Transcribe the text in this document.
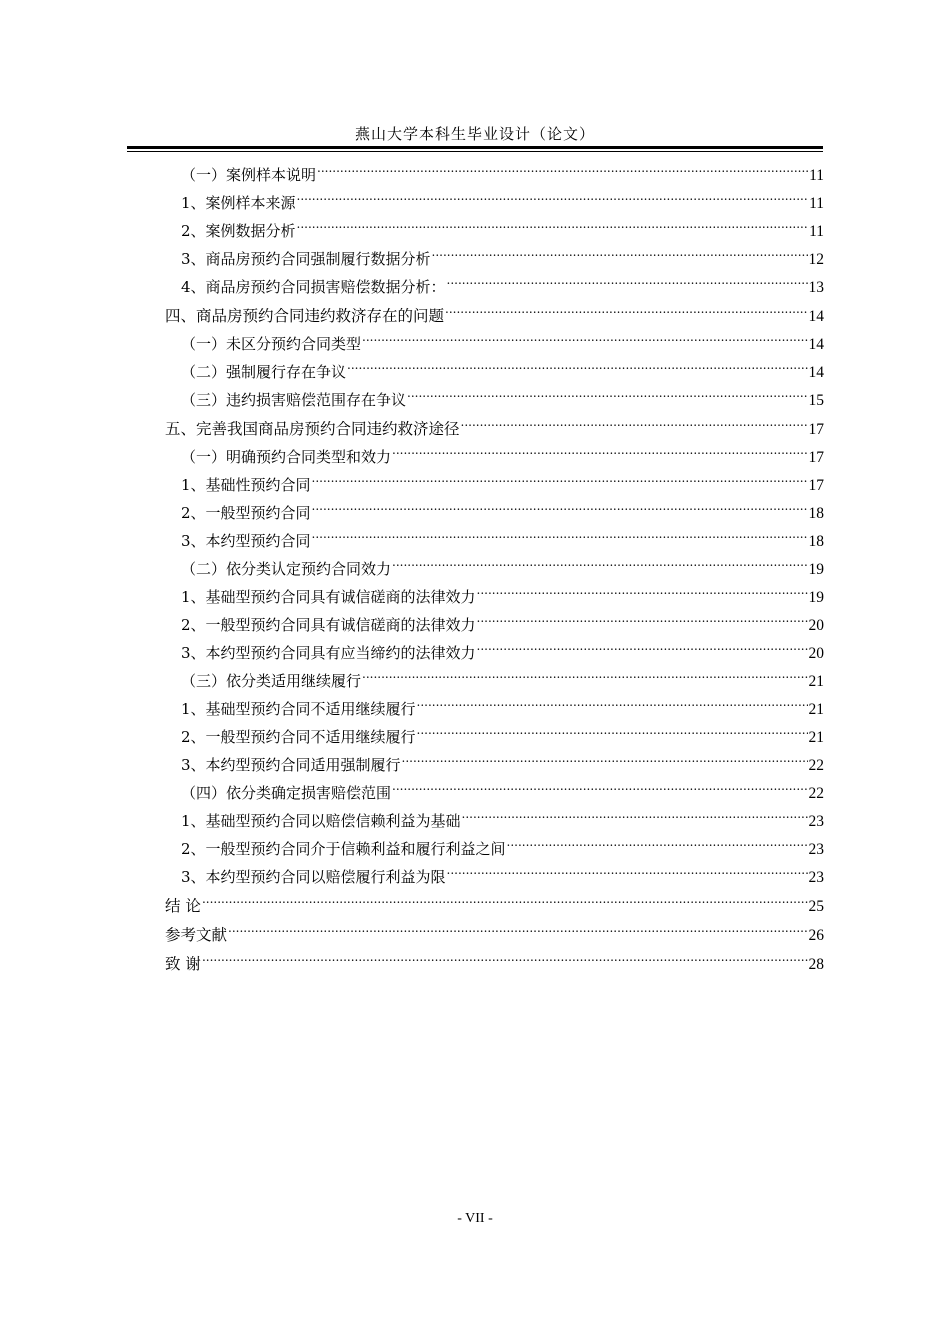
燕山大学本科生毕业设计（论文）
（一）案例样本说明 .....	11
1、案例样本来源 .....	11
2、案例数据分析 .....	11
3、商品房预约合同强制履行数据分析 .....	12
4、商品房预约合同损害赔偿数据分析： .....	13
四、商品房预约合同违约救济存在的问题 .....	14
（一）未区分预约合同类型 .....	14
（二）强制履行存在争议 .....	14
（三）违约损害赔偿范围存在争议 .....	15
五、完善我国商品房预约合同违约救济途径 .....	17
（一）明确预约合同类型和效力 .....	17
1、基础性预约合同 .....	17
2、一般型预约合同 .....	18
3、本约型预约合同 .....	18
（二）依分类认定预约合同效力 .....	19
1、基础型预约合同具有诚信磋商的法律效力 .....	19
2、一般型预约合同具有诚信磋商的法律效力 .....	20
3、本约型预约合同具有应当缔约的法律效力 .....	20
（三）依分类适用继续履行 .....	21
1、基础型预约合同不适用继续履行 .....	21
2、一般型预约合同不适用继续履行 .....	21
3、本约型预约合同适用强制履行 .....	22
（四）依分类确定损害赔偿范围 .....	22
1、基础型预约合同以赔偿信赖利益为基础 .....	23
2、一般型预约合同介于信赖利益和履行利益之间 .....	23
3、本约型预约合同以赔偿履行利益为限 .....	23
结 论 .....	25
参考文献 .....	26
致 谢 .....	28
- VII -
